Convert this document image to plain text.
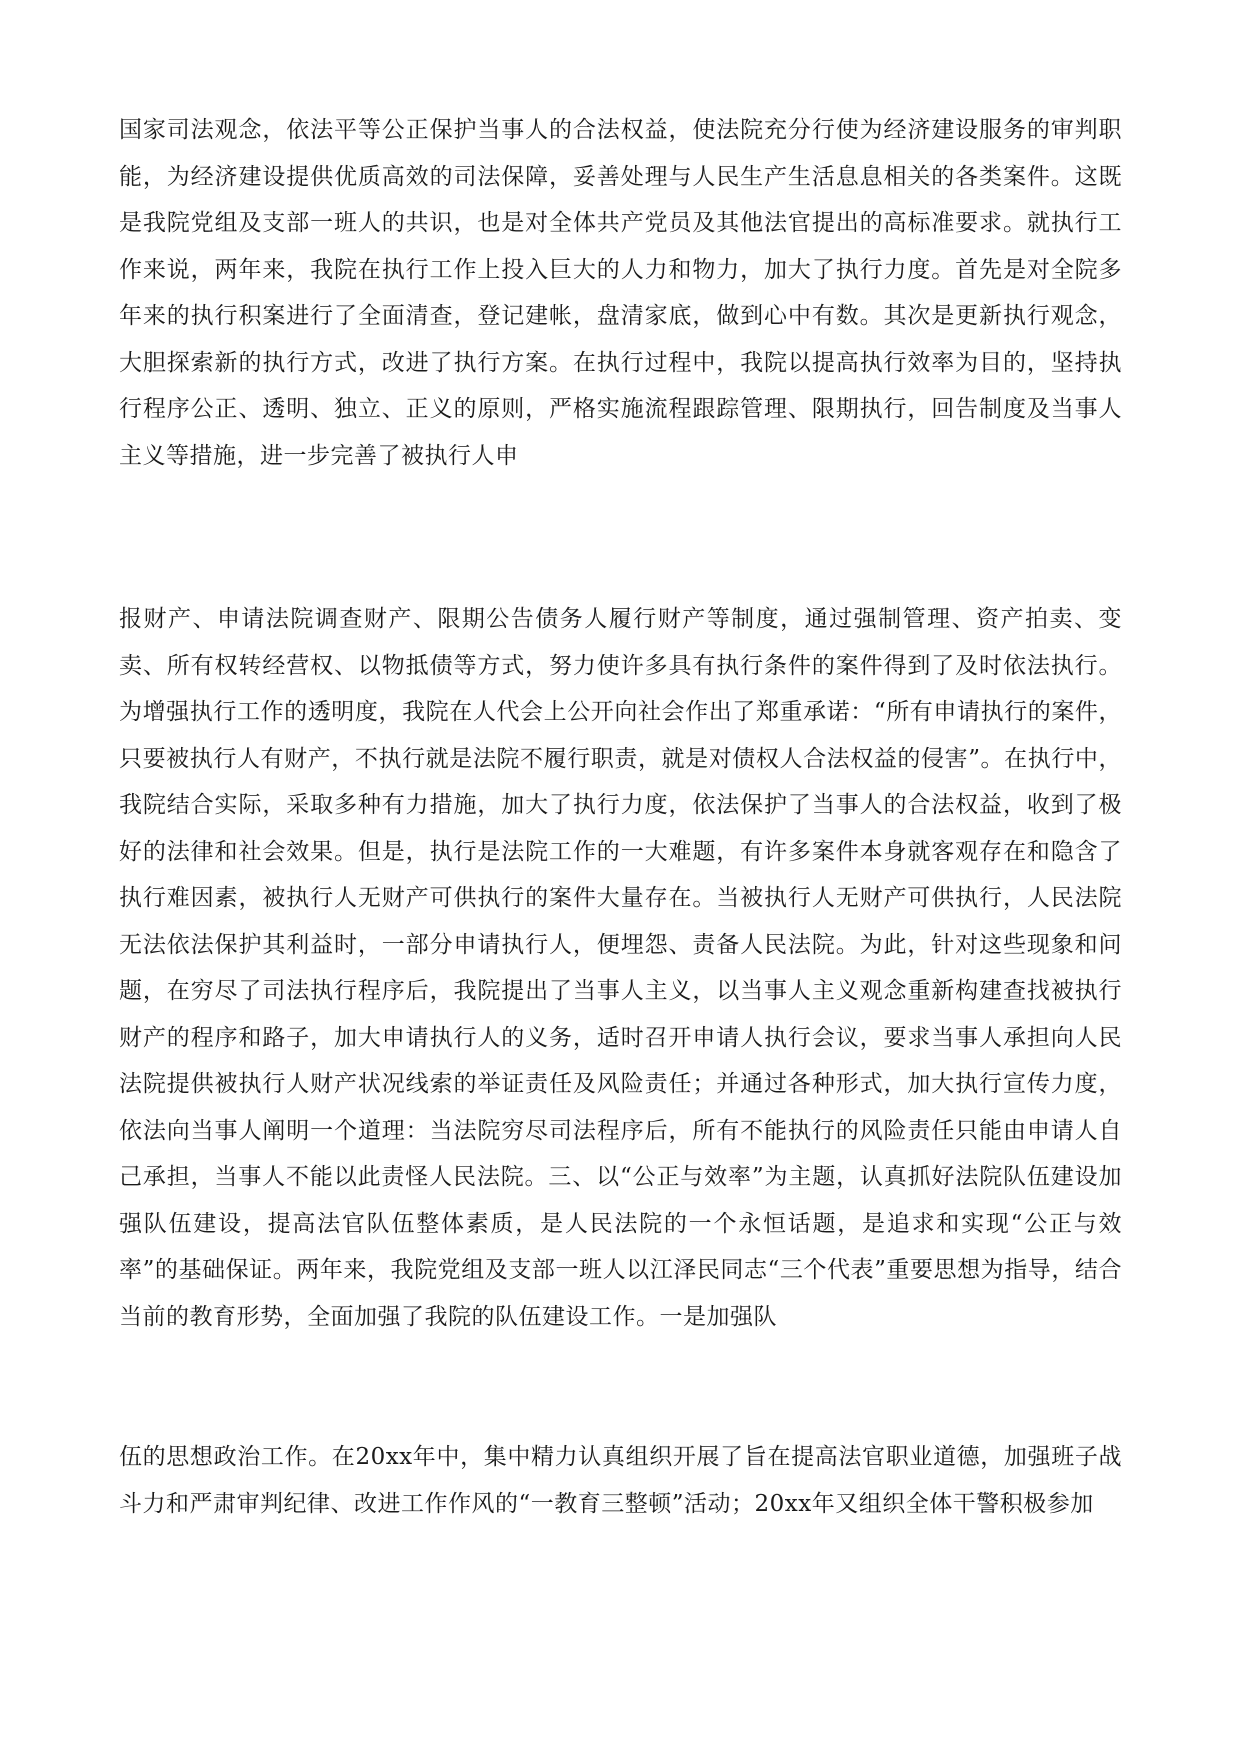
国家司法观念，依法平等公正保护当事人的合法权益，使法院充分行使为经济建设服务的审判职能，为经济建设提供优质高效的司法保障，妥善处理与人民生产生活息息相关的各类案件。这既是我院党组及支部一班人的共识，也是对全体共产党员及其他法官提出的高标准要求。就执行工作来说，两年来，我院在执行工作上投入巨大的人力和物力，加大了执行力度。首先是对全院多年来的执行积案进行了全面清查，登记建帐，盘清家底，做到心中有数。其次是更新执行观念，大胆探索新的执行方式，改进了执行方案。在执行过程中，我院以提高执行效率为目的，坚持执行程序公正、透明、独立、正义的原则，严格实施流程跟踪管理、限期执行，回告制度及当事人主义等措施，进一步完善了被执行人申

报财产、申请法院调查财产、限期公告债务人履行财产等制度，通过强制管理、资产拍卖、变卖、所有权转经营权、以物抵债等方式，努力使许多具有执行条件的案件得到了及时依法执行。为增强执行工作的透明度，我院在人代会上公开向社会作出了郑重承诺：“所有申请执行的案件，只要被执行人有财产，不执行就是法院不履行职责，就是对债权人合法权益的侵害”。在执行中，我院结合实际，采取多种有力措施，加大了执行力度，依法保护了当事人的合法权益，收到了极好的法律和社会效果。但是，执行是法院工作的一大难题，有许多案件本身就客观存在和隐含了执行难因素，被执行人无财产可供执行的案件大量存在。当被执行人无财产可供执行，人民法院无法依法保护其利益时，一部分申请执行人，便埋怨、责备人民法院。为此，针对这些现象和问题，在穷尽了司法执行程序后，我院提出了当事人主义，以当事人主义观念重新构建查找被执行财产的程序和路子，加大申请执行人的义务，适时召开申请人执行会议，要求当事人承担向人民法院提供被执行人财产状况线索的举证责任及风险责任；并通过各种形式，加大执行宣传力度，依法向当事人阐明一个道理：当法院穷尽司法程序后，所有不能执行的风险责任只能由申请人自己承担，当事人不能以此责怪人民法院。三、以“公正与效率”为主题，认真抓好法院队伍建设加强队伍建设，提高法官队伍整体素质，是人民法院的一个永恒话题，是追求和实现“公正与效率”的基础保证。两年来，我院党组及支部一班人以江泽民同志“三个代表”重要思想为指导，结合当前的教育形势，全面加强了我院的队伍建设工作。一是加强队

伍的思想政治工作。在20xx年中，集中精力认真组织开展了旨在提高法官职业道德，加强班子战斗力和严肃审判纪律、改进工作作风的“一教育三整顿”活动；20xx年又组织全体干警积极参加
